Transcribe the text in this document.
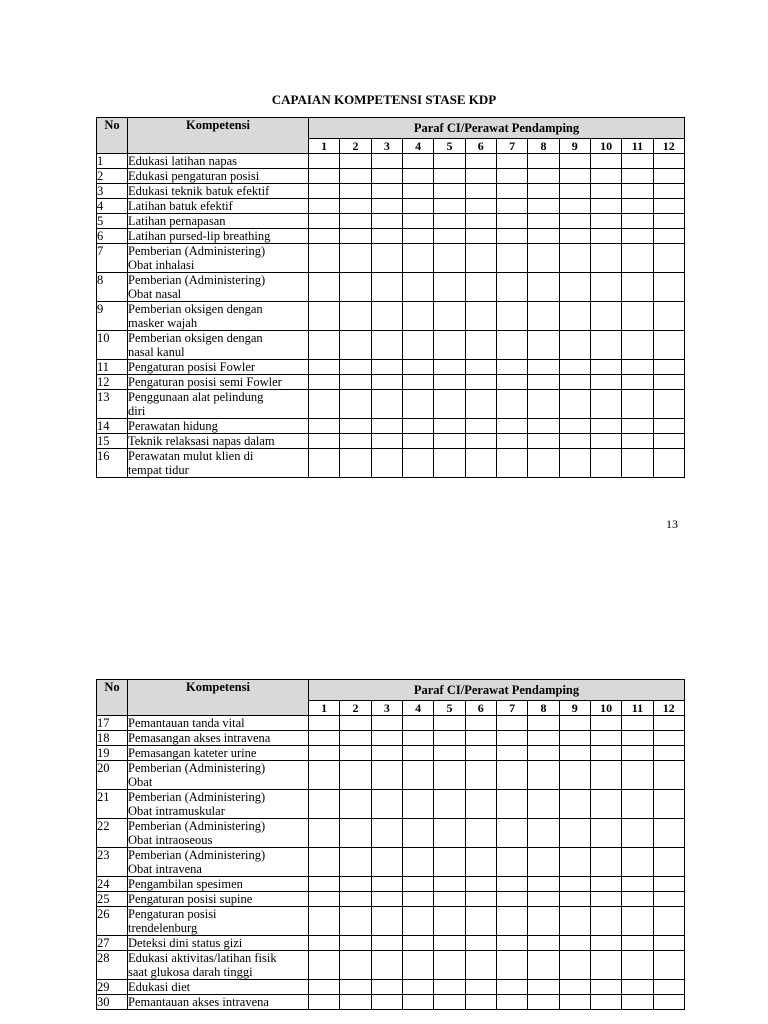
CAPAIAN KOMPETENSI STASE KDP
No	Kompetensi	Paraf CI/Perawat Pendamping											
		1	2	3	4	5	6	7	8	9	10	11	12
1	Edukasi latihan napas												

2	Edukasi pengaturan posisi												

3	Edukasi teknik batuk efektif												

4	Latihan batuk efektif												

5	Latihan pernapasan												

6	Latihan pursed-lip breathing												

7	Pemberian (Administering)
Obat inhalasi												

8	Pemberian (Administering)
Obat nasal												

9	Pemberian oksigen dengan
masker wajah												

10	Pemberian oksigen dengan
nasal kanul												

11	Pengaturan posisi Fowler												

12	Pengaturan posisi semi Fowler												

13	Penggunaan alat pelindung
diri												

14	Perawatan hidung												

15	Teknik relaksasi napas dalam												

16	Perawatan mulut klien di
tempat tidur												

13
No	Kompetensi	Paraf CI/Perawat Pendamping											
		1	2	3	4	5	6	7	8	9	10	11	12
17	Pemantauan tanda vital												

18	Pemasangan akses intravena												

19	Pemasangan kateter urine												

20	Pemberian (Administering)
Obat												

21	Pemberian (Administering)
Obat intramuskular												

22	Pemberian (Administering)
Obat intraoseous												

23	Pemberian (Administering)
Obat intravena												

24	Pengambilan spesimen												

25	Pengaturan posisi supine												

26	Pengaturan posisi
trendelenburg												

27	Deteksi dini status gizi												

28	Edukasi aktivitas/latihan fisik
saat glukosa darah tinggi												

29	Edukasi diet												

30	Pemantauan akses intravena												
